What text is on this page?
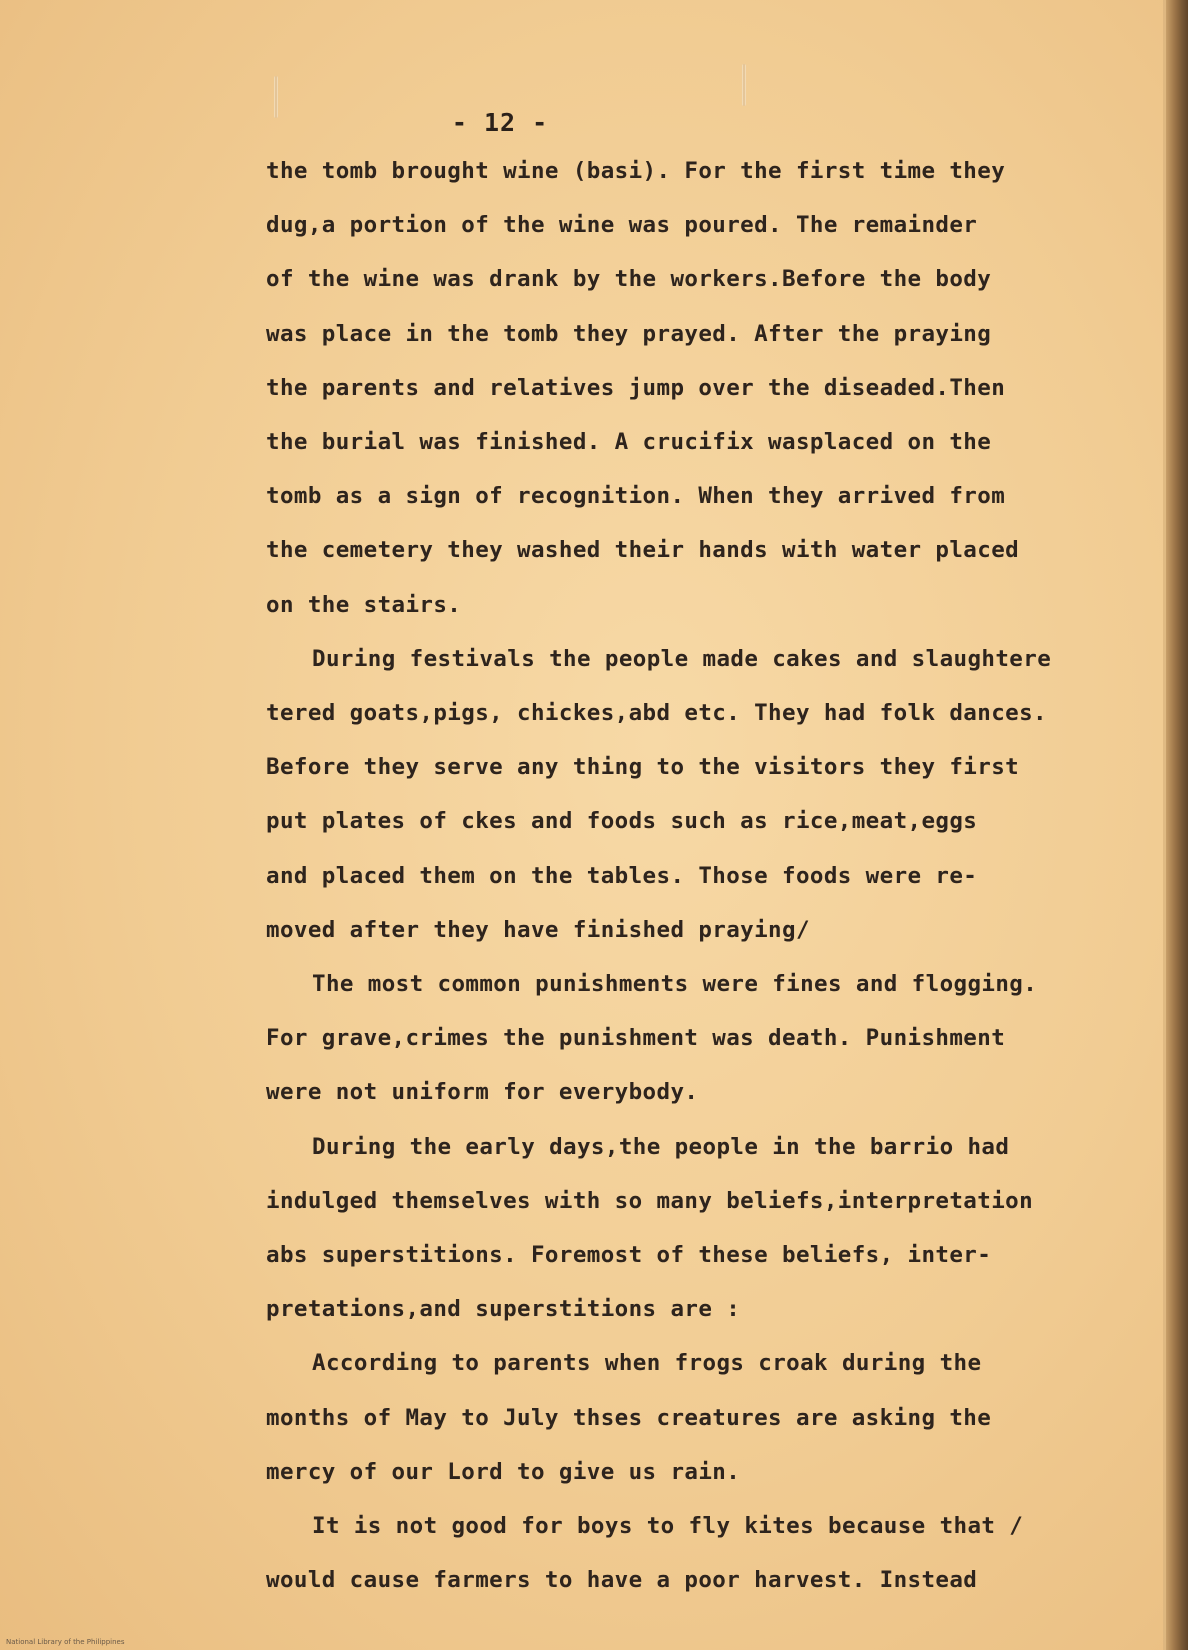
- 12 -
the tomb brought wine (basi). For the first time they
dug,a portion of the wine was poured. The remainder
of the wine was drank by the workers.Before the body
was place in the tomb they prayed. After the praying
the parents and relatives jump over the diseaded.Then
the burial was finished. A crucifix wasplaced on the
tomb as a sign of recognition. When they arrived from
the cemetery they washed their hands with water placed
on the stairs.
During festivals the people made cakes and slaughtere
tered goats,pigs, chickes,abd etc. They had folk dances.
Before they serve any thing to the visitors they first
put plates of ckes and foods such as rice,meat,eggs
and placed them on the tables. Those foods were re-
moved after they have finished praying/
The most common punishments were fines and flogging.
For grave,crimes the punishment was death. Punishment
were not uniform for everybody.
During the early days,the people in the barrio had
indulged themselves with so many beliefs,interpretation
abs superstitions. Foremost of these beliefs, inter-
pretations,and superstitions are :
According to parents when frogs croak during the
months of May to July thses creatures are asking the
mercy of our Lord to give us rain.
It is not good for boys to fly kites because that /
would cause farmers to have a poor harvest. Instead
National Library of the Philippines
